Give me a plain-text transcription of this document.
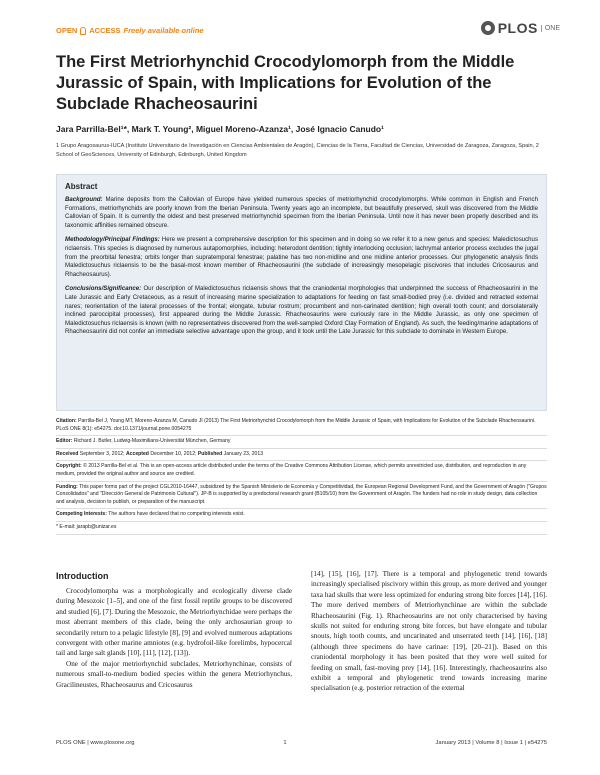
OPEN ACCESS Freely available online	PLOS	ONE
The First Metriorhynchid Crocodylomorph from the Middle Jurassic of Spain, with Implications for Evolution of the Subclade Rhacheosaurini
Jara Parrilla-Bel¹*, Mark T. Young², Miguel Moreno-Azanza¹, José Ignacio Canudo¹
1 Grupo Aragosaurus-IUCA (Instituto Universitario de Investigación en Ciencias Ambientales de Aragón), Ciencias de la Tierra, Facultad de Ciencias, Universidad de Zaragoza, Zaragoza, Spain, 2 School of GeoSciences, University of Edinburgh, Edinburgh, United Kingdom
Abstract

Background: Marine deposits from the Callovian of Europe have yielded numerous species of metriorhynchid crocodylomorphs. While common in English and French Formations, metriorhynchids are poorly known from the Iberian Peninsula. Twenty years ago an incomplete, but beautifully preserved, skull was discovered from the Middle Callovian of Spain. It is currently the oldest and best preserved metriorhynchid specimen from the Iberian Peninsula. Until now it has never been properly described and its taxonomic affinities remained obscure.

Methodology/Principal Findings: Here we present a comprehensive description for this specimen and in doing so we refer it to a new genus and species: Maledictosuchus riclaensis. This species is diagnosed by numerous autapomorphies, including: heterodont dentition; tightly interlocking occlusion; lachrymal anterior process excludes the jugal from the preorbital fenestra; orbits longer than supratemporal fenestrae; palatine has two non-midline and one midline anterior processes. Our phylogenetic analysis finds Maledictosuchus riclaensis to be the basal-most known member of Rhacheosaurini (the subclade of increasingly mesopelagic piscivores that includes Cricosaurus and Rhacheosaurus).

Conclusions/Significance: Our description of Maledictosuchus riclaensis shows that the craniodental morphologies that underpinned the success of Rhacheosaurini in the Late Jurassic and Early Cretaceous, as a result of increasing marine specialization to adaptations for feeding on fast small-bodied prey (i.e. divided and retracted external nares; reorientation of the lateral processes of the frontal; elongate, tubular rostrum; procumbent and non-carinated dentition; high overall tooth count; and dorsolaterally inclined paroccipital processes), first appeared during the Middle Jurassic. Rhacheosaurins were curiously rare in the Middle Jurassic, as only one specimen of Maledictosuchus riclaensis is known (with no representatives discovered from the well-sampled Oxford Clay Formation of England). As such, the feeding/marine adaptations of Rhacheosaurini did not confer an immediate selective advantage upon the group, and it took until the Late Jurassic for this subclade to dominate in Western Europe.

Citation: Parrilla-Bel J, Young MT, Moreno-Azanza M, Canudo JI (2013) The First Metriorhynchid Crocodylomorph from the Middle Jurassic of Spain, with Implications for Evolution of the Subclade Rhacheosaurini. PLoS ONE 8(1): e54275. doi:10.1371/journal.pone.0054275
Editor: Richard J. Butler, Ludwig-Maximilians-Universität München, Germany
Received September 3, 2012; Accepted December 10, 2012; Published January 23, 2013
Copyright: © 2013 Parrilla-Bel et al. This is an open-access article distributed under the terms of the Creative Commons Attribution License, which permits unrestricted use, distribution, and reproduction in any medium, provided the original author and source are credited.
Funding: This paper forms part of the project CGL2010-16447, subsidized by the Spanish Ministerio de Economía y Competitividad, the European Regional Development Fund, and the Government of Aragón ("Grupos Consolidados" and "Dirección General de Patrimonio Cultural"). JP-B is supported by a predoctoral research grant (B105/10) from the Government of Aragón. The funders had no role in study design, data collection and analysis, decision to publish, or preparation of the manuscript.
Competing Interests: The authors have declared that no competing interests exist.
* E-mail: jarapb@unizar.es
Introduction

Crocodylomorpha was a morphologically and ecologically diverse clade during Mesozoic [1–5], and one of the first fossil reptile groups to be discovered and studied [6], [7]. During the Mesozoic, the Metriorhynchidae were perhaps the most aberrant members of this clade, being the only archosaurian group to secondarily return to a pelagic lifestyle [8], [9] and evolved numerous adaptations convergent with other marine amniotes (e.g. hydrofoil-like forelimbs, hypocercal tail and large salt glands [10], [11], [12], [13]).

One of the major metriorhynchid subclades, Metriorhynchinae, consists of numerous small-to-medium bodied species within the genera Metriorhynchus, Gracilineustes, Rhacheosaurus and Cricosaurus

[14], [15], [16], [17]. There is a temporal and phylogenetic trend towards increasingly specialised piscivory within this group, as more derived and younger taxa had skulls that were less optimized for enduring strong bite forces [14], [16]. The more derived members of Metriorhynchinae are within the subclade Rhacheosaurini (Fig. 1). Rhacheosaurins are not only characterised by having skulls not suited for enduring strong bite forces, but have elongate and tubular snouts, high tooth counts, and uncarinated and unserrated teeth [14], [16], [18] (although three specimens do have carinae: [19], [20–21]). Based on this craniodental morphology it has been posited that they were well suited for feeding on small, fast-moving prey [14], [16]. Interestingly, rhacheosaurins also exhibit a temporal and phylogenetic trend towards increasing marine specialisation (e.g. posterior retraction of the external

PLOS ONE | www.plosone.org	1	January 2013 | Volume 8 | Issue 1 | e54275
